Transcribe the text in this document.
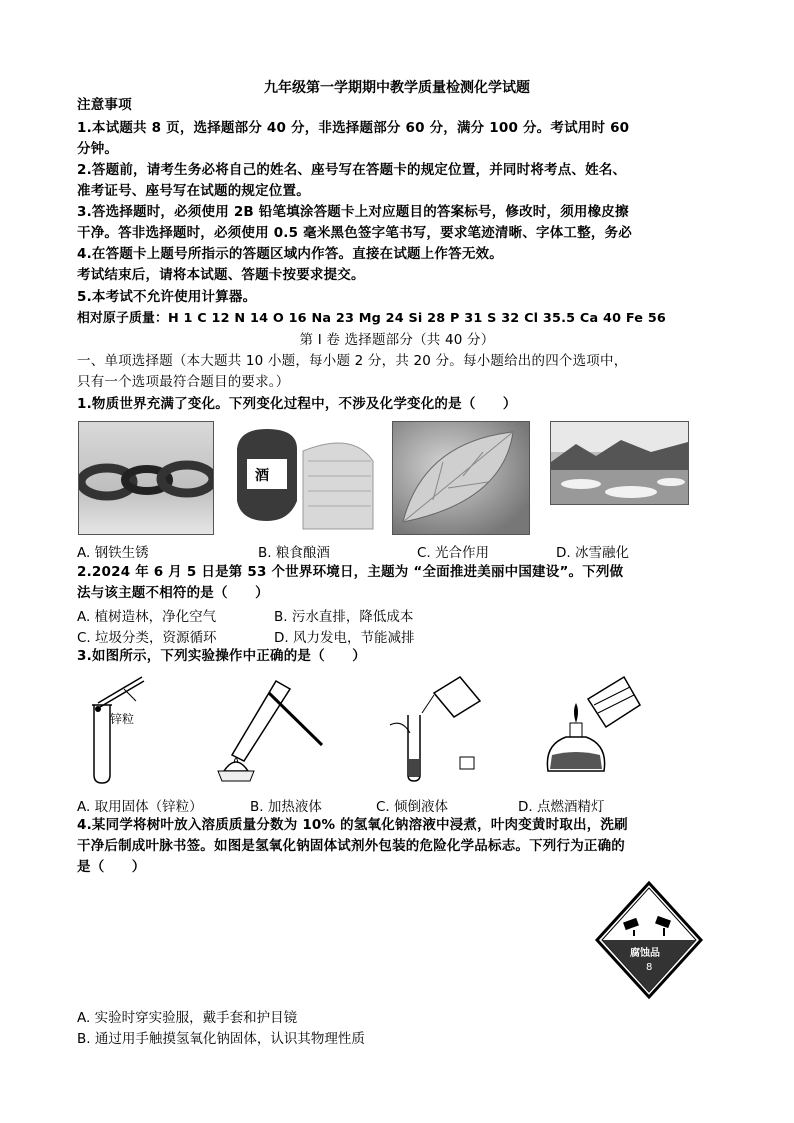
九年级第一学期期中教学质量检测化学试题
注意事项
1.本试题共 8 页，选择题部分 40 分，非选择题部分 60 分，满分 100 分。考试用时 60
分钟。
2.答题前，请考生务必将自己的姓名、座号写在答题卡的规定位置，并同时将考点、姓名、
准考证号、座号写在试题的规定位置。
3.答选择题时，必须使用 2B 铅笔填涂答题卡上对应题目的答案标号，修改时，须用橡皮擦
干净。答非选择题时，必须使用 0.5 毫米黑色签字笔书写，要求笔迹清晰、字体工整，务必
4.在答题卡上题号所指示的答题区域内作答。直接在试题上作答无效。
考试结束后，请将本试题、答题卡按要求提交。
5.本考试不允许使用计算器。
相对原子质量：H 1 C 12 N 14 O 16 Na 23 Mg 24 Si 28 P 31 S 32 Cl 35.5 Ca 40 Fe 56
第 Ⅰ 卷 选择题部分（共 40 分）
一、单项选择题（本大题共 10 小题，每小题 2 分，共 20 分。每小题给出的四个选项中，
只有一个选项最符合题目的要求。）
1.物质世界充满了变化。下列变化过程中，不涉及化学变化的是（　　）
酒
A. 钢铁生锈	B. 粮食酿酒	C. 光合作用	D. 冰雪融化
2.2024 年 6 月 5 日是第 53 个世界环境日，主题为 “全面推进美丽中国建设”。下列做
法与该主题不相符的是（　　）
A. 植树造林，净化空气	B. 污水直排，降低成本
C. 垃圾分类，资源循环	D. 风力发电，节能减排
3.如图所示，下列实验操作中正确的是（　　）
锌粒
A. 取用固体（锌粒）	B. 加热液体	C. 倾倒液体	D. 点燃酒精灯
4.某同学将树叶放入溶质质量分数为 10% 的氢氧化钠溶液中浸煮，叶肉变黄时取出，洗刷
干净后制成叶脉书签。如图是氢氧化钠固体试剂外包装的危险化学品标志。下列行为正确的
是（　　）
腐蚀品
8
A. 实验时穿实验服，戴手套和护目镜
B. 通过用手触摸氢氧化钠固体，认识其物理性质
